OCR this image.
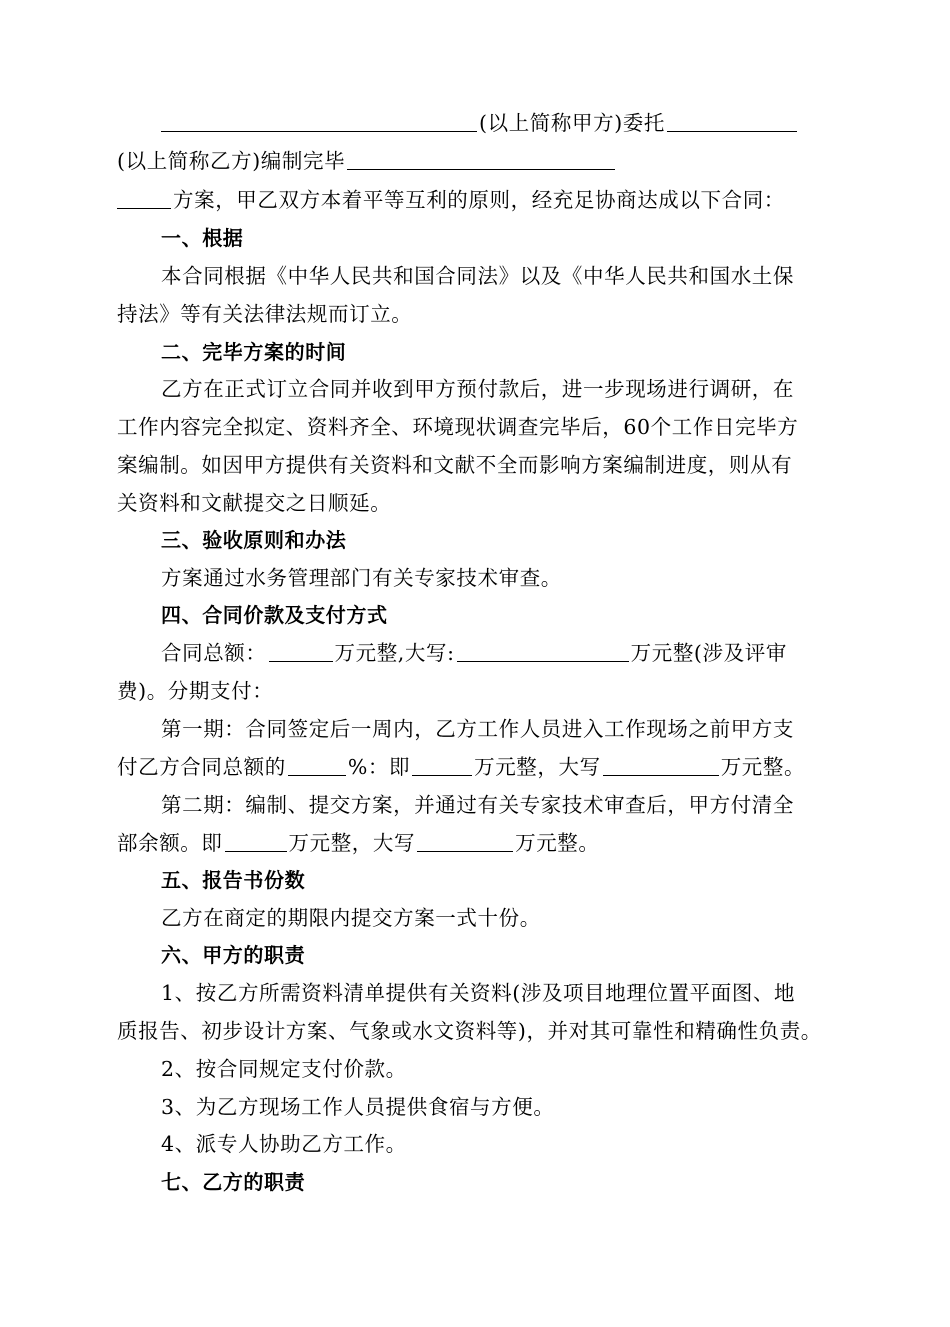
(以上简称甲方)委托
(以上简称乙方)编制完毕
方案，甲乙双方本着平等互利的原则，经充足协商达成以下合同：
一、根据
本合同根据《中华人民共和国合同法》以及《中华人民共和国水土保
持法》等有关法律法规而订立。
二、完毕方案的时间
乙方在正式订立合同并收到甲方预付款后，进一步现场进行调研，在
工作内容完全拟定、资料齐全、环境现状调查完毕后，60个工作日完毕方
案编制。如因甲方提供有关资料和文献不全而影响方案编制进度，则从有
关资料和文献提交之日顺延。
三、验收原则和办法
方案通过水务管理部门有关专家技术审查。
四、合同价款及支付方式
合同总额：	万元整,大写:	万元整(涉及评审
费)。分期支付：
第一期：合同签定后一周内，乙方工作人员进入工作现场之前甲方支
付乙方合同总额的	%：即	万元整，大写	万元整。
第二期：编制、提交方案，并通过有关专家技术审查后，甲方付清全
部余额。即	万元整，大写	万元整。
五、报告书份数
乙方在商定的期限内提交方案一式十份。
六、甲方的职责
1、按乙方所需资料清单提供有关资料(涉及项目地理位置平面图、地
质报告、初步设计方案、气象或水文资料等)，并对其可靠性和精确性负责。
2、按合同规定支付价款。
3、为乙方现场工作人员提供食宿与方便。
4、派专人协助乙方工作。
七、乙方的职责
